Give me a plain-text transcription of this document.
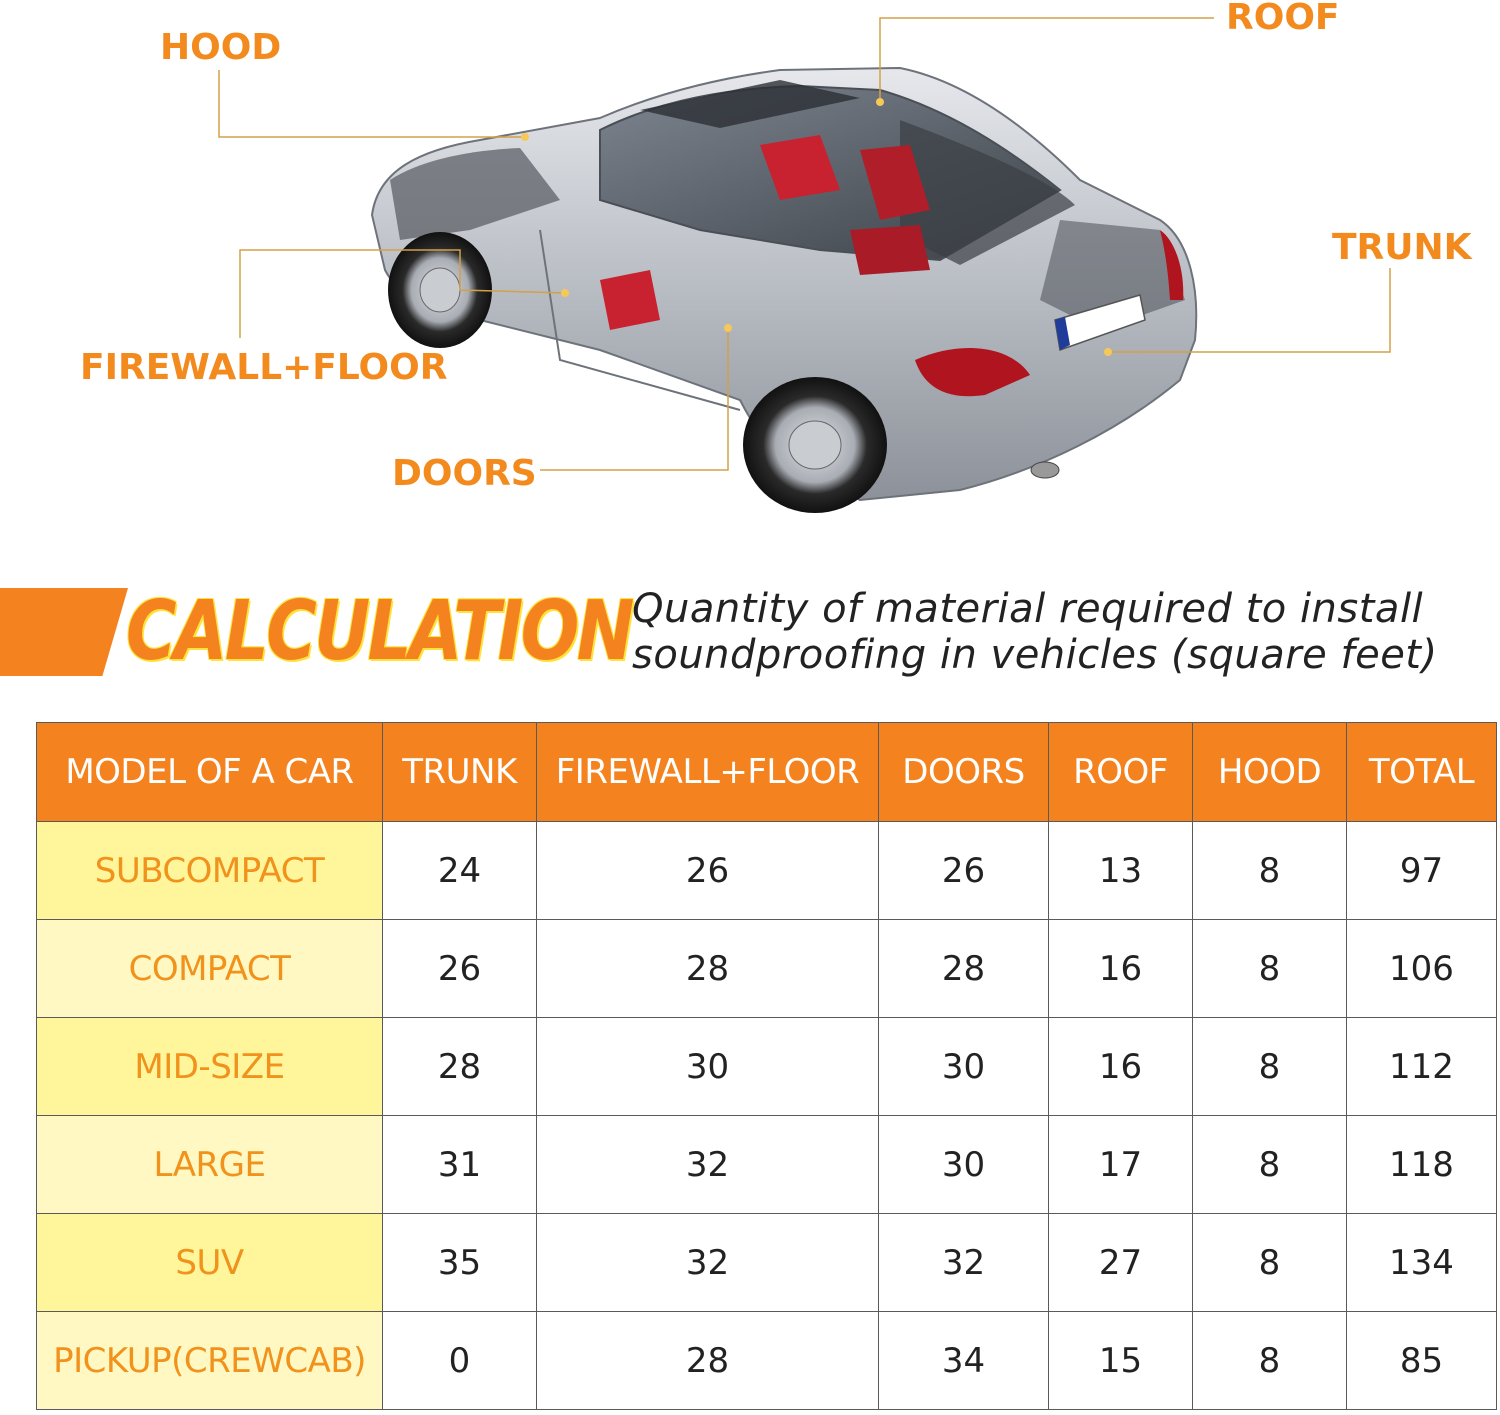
HOOD
ROOF
TRUNK
FIREWALL+FLOOR
DOORS
CALCULATION Quantity of material required to install
soundproofing in vehicles (square feet)
MODEL OF A CAR	TRUNK	FIREWALL+FLOOR	DOORS	ROOF	HOOD	TOTAL
SUBCOMPACT	24	26	26	13	8	97
COMPACT	26	28	28	16	8	106
MID-SIZE	28	30	30	16	8	112
LARGE	31	32	30	17	8	118
SUV	35	32	32	27	8	134
PICKUP(CREWCAB)	0	28	34	15	8	85
